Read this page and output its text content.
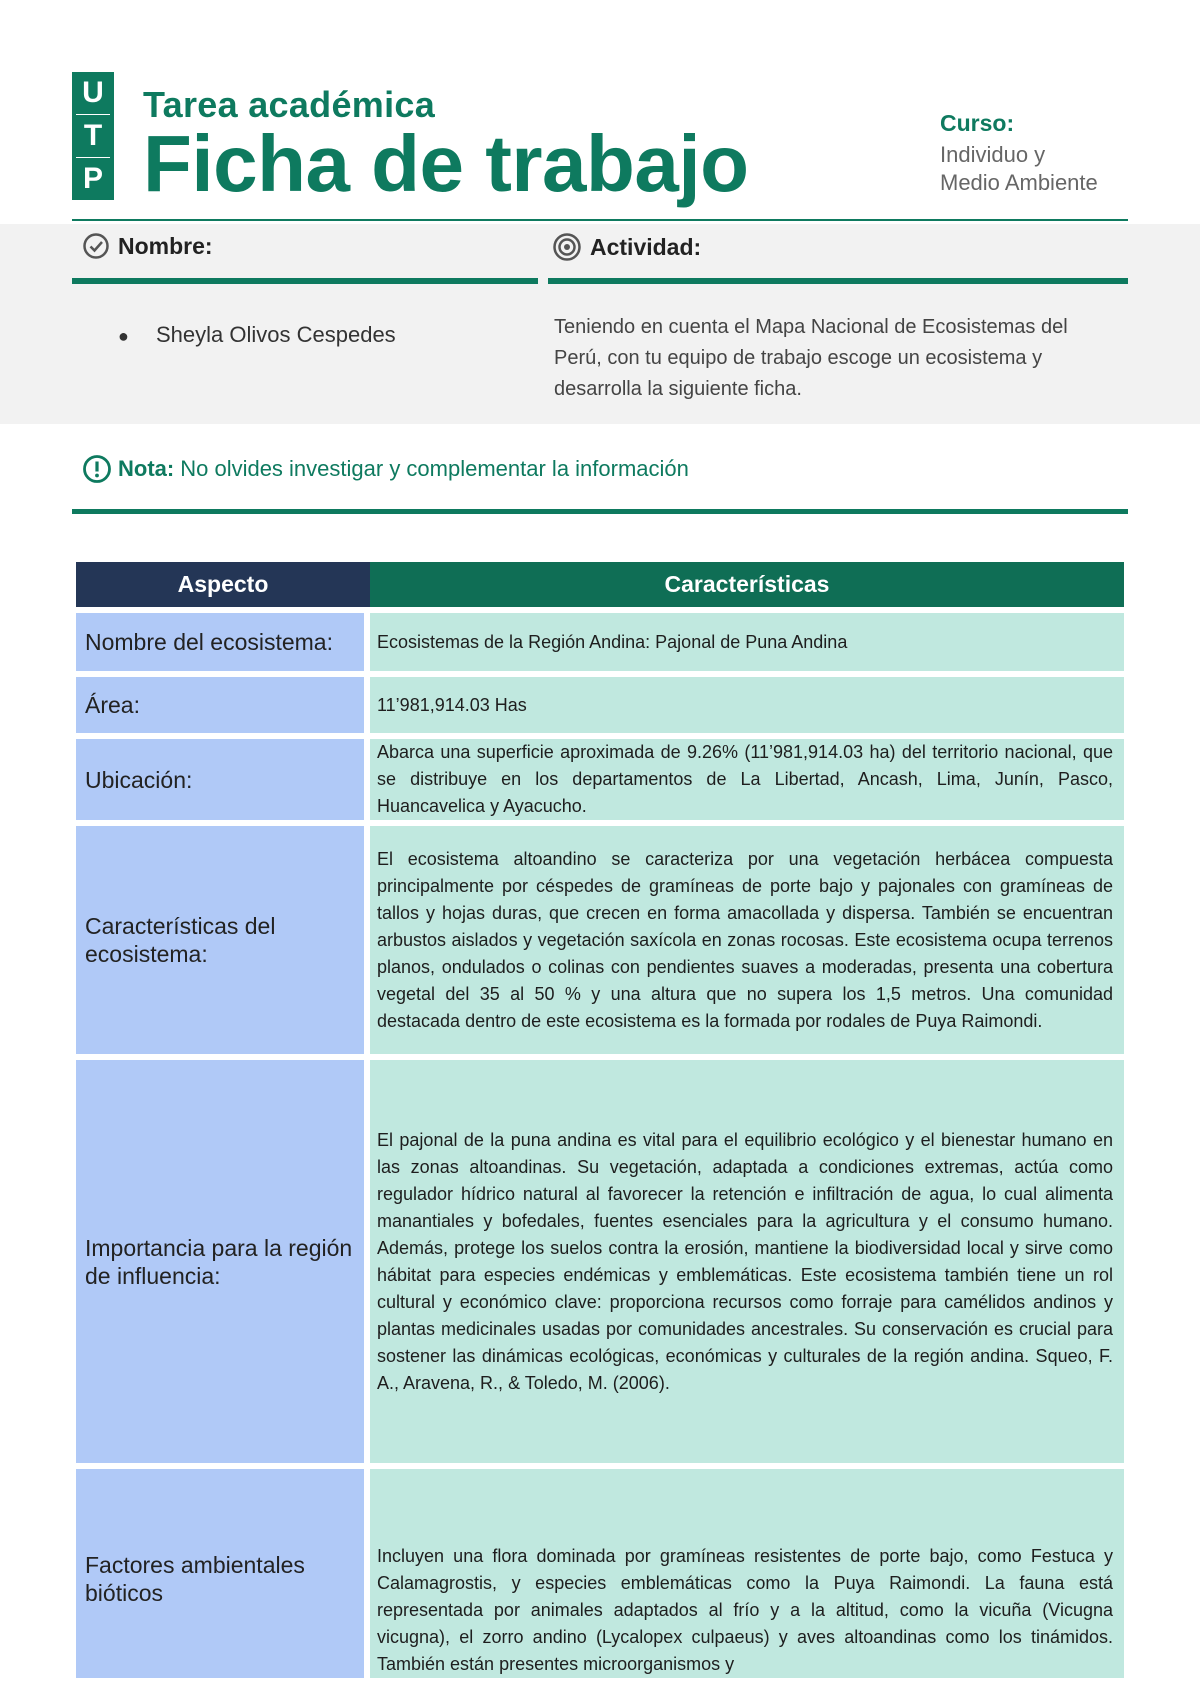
U
T
P
Tarea académica
Ficha de trabajo	Curso:
Individuo y
Medio Ambiente
Nombre:	Actividad:
● Sheyla Olivos Cespedes	Teniendo en cuenta el Mapa Nacional de Ecosistemas del Perú, con tu equipo de trabajo escoge un ecosistema y desarrolla la siguiente ficha.
Nota: No olvides investigar y complementar la información
Aspecto	Características
Nombre del ecosistema:	Ecosistemas de la Región Andina: Pajonal de Puna Andina
Área:	11’981,914.03 Has
Ubicación:	Abarca una superficie aproximada de 9.26% (11’981,914.03 ha) del territorio nacional, que se distribuye en los departamentos de La Libertad, Ancash, Lima, Junín, Pasco, Huancavelica y Ayacucho.
Características del ecosistema:	El ecosistema altoandino se caracteriza por una vegetación herbácea compuesta principalmente por céspedes de gramíneas de porte bajo y pajonales con gramíneas de tallos y hojas duras, que crecen en forma amacollada y dispersa. También se encuentran arbustos aislados y vegetación saxícola en zonas rocosas. Este ecosistema ocupa terrenos planos, ondulados o colinas con pendientes suaves a moderadas, presenta una cobertura vegetal del 35 al 50 % y una altura que no supera los 1,5 metros. Una comunidad destacada dentro de este ecosistema es la formada por rodales de Puya Raimondi.
Importancia para la región de influencia:	El pajonal de la puna andina es vital para el equilibrio ecológico y el bienestar humano en las zonas altoandinas. Su vegetación, adaptada a condiciones extremas, actúa como regulador hídrico natural al favorecer la retención e infiltración de agua, lo cual alimenta manantiales y bofedales, fuentes esenciales para la agricultura y el consumo humano. Además, protege los suelos contra la erosión, mantiene la biodiversidad local y sirve como hábitat para especies endémicas y emblemáticas. Este ecosistema también tiene un rol cultural y económico clave: proporciona recursos como forraje para camélidos andinos y plantas medicinales usadas por comunidades ancestrales. Su conservación es crucial para sostener las dinámicas ecológicas, económicas y culturales de la región andina. Squeo, F. A., Aravena, R., & Toledo, M. (2006).
Factores ambientales bióticos	Incluyen una flora dominada por gramíneas resistentes de porte bajo, como Festuca y Calamagrostis, y especies emblemáticas como la Puya Raimondi. La fauna está representada por animales adaptados al frío y a la altitud, como la vicuña (Vicugna vicugna), el zorro andino (Lycalopex culpaeus) y aves altoandinas como los tinámidos. También están presentes microorganismos y
